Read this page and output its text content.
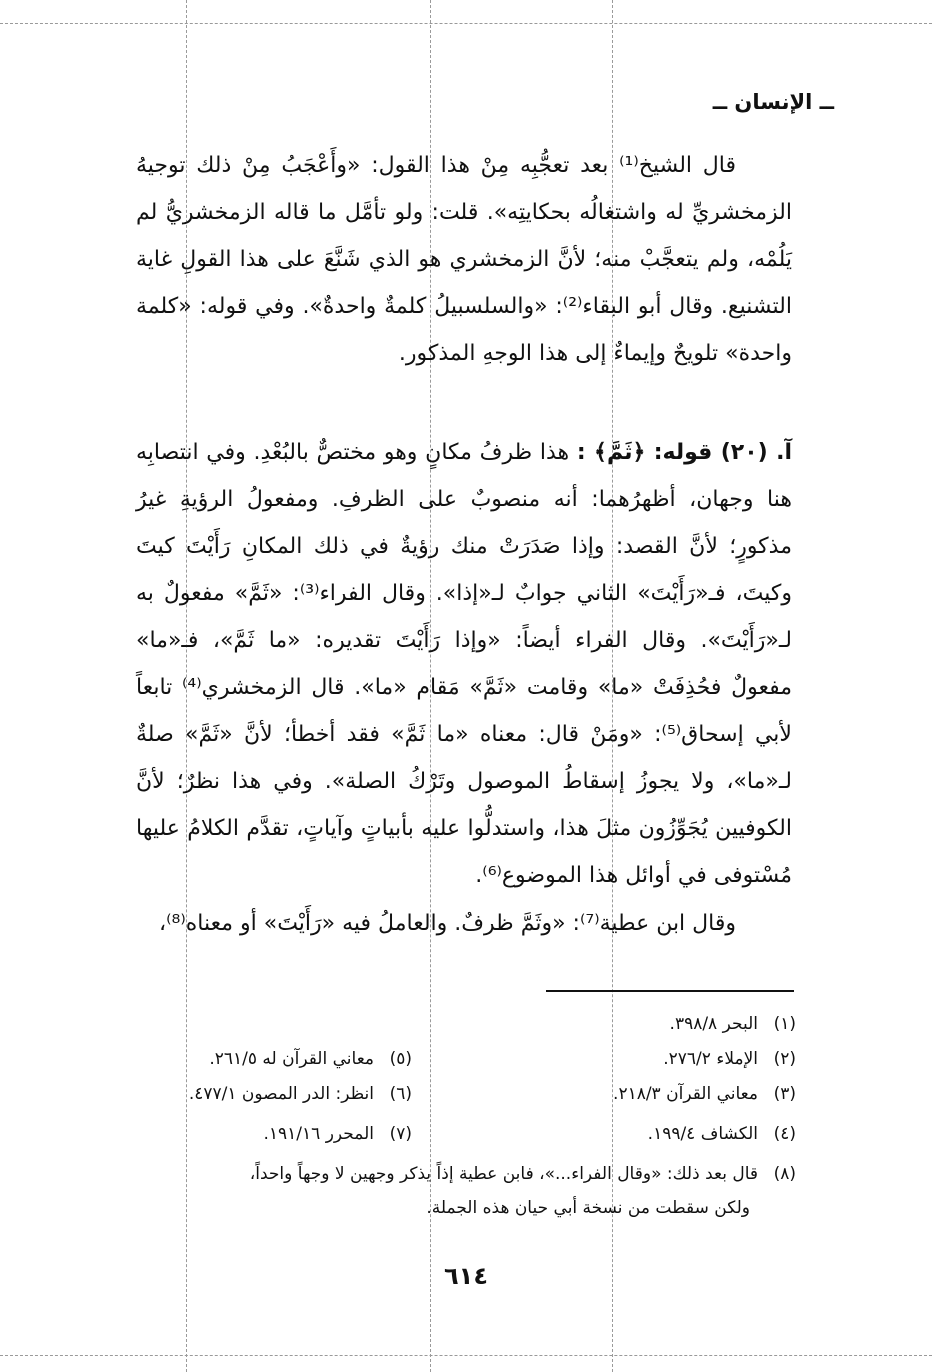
ــ الإنسان ــ
قال الشيخ⁽¹⁾ بعد تعجُّبِه مِنْ هذا القول: «وأَعْجَبُ مِنْ ذلك توجيهُ الزمخشريِّ له واشتغالُه بحكايتِه». قلت: ولو تأمَّل ما قاله الزمخشريُّ لم يَلُمْه، ولم يتعجَّبْ منه؛ لأنَّ الزمخشري هو الذي شَنَّعَ على هذا القولِ غاية التشنيع. وقال أبو البقاء⁽²⁾: «والسلسبيلُ كلمةٌ واحدةٌ». وفي قوله: «كلمة واحدة» تلويحٌ وإيماءٌ إلى هذا الوجهِ المذكور.
آ. (٢٠) قوله: ﴿ثَمَّ﴾ : هذا ظرفُ مكانٍ وهو مختصٌّ بالبُعْدِ. وفي انتصابِه هنا وجهان، أظهرُهما: أنه منصوبٌ على الظرفِ. ومفعولُ الرؤيةِ غيرُ مذكورٍ؛ لأنَّ القصد: وإذا صَدَرَتْ منك رؤيةٌ في ذلك المكانِ رَأَيْتَ كيتَ وكيتَ، فـ«رَأَيْتَ» الثاني جوابٌ لـ«إذا». وقال الفراء⁽³⁾: «ثَمَّ» مفعولٌ به لـ«رَأَيْتَ». وقال الفراء أيضاً: «وإذا رَأَيْتَ تقديره: «ما ثَمَّ»، فـ«ما» مفعولٌ فحُذِفَتْ «ما» وقامت «ثَمَّ» مَقام «ما». قال الزمخشري⁽⁴⁾ تابعاً لأبي إسحاق⁽⁵⁾: «ومَنْ قال: معناه «ما ثَمَّ» فقد أخطأ؛ لأنَّ «ثَمَّ» صلةٌ لـ«ما»، ولا يجوزُ إسقاطُ الموصول وتَرْكُ الصلة». وفي هذا نظرٌ؛ لأنَّ الكوفيين يُجَوِّزُون مثلَ هذا، واستدلُّوا عليه بأبياتٍ وآياتٍ، تقدَّم الكلامُ عليها مُسْتوفى في أوائل هذا الموضوع⁽⁶⁾.
وقال ابن عطية⁽⁷⁾: «وثَمَّ ظرفٌ. والعاملُ فيه «رَأَيْتَ» أو معناه⁽⁸⁾،
(١)البحر ٣٩٨/٨.
(٢)الإملاء ٢٧٦/٢.
(٣)معاني القرآن ٢١٨/٣.
(٤)الكشاف ١٩٩/٤.
(٥)معاني القرآن له ٢٦١/٥.
(٦)انظر: الدر المصون ٤٧٧/١.
(٧)المحرر ١٩١/١٦.
(٨)قال بعد ذلك: «وقال الفراء...»، فابن عطية إذاً يذكر وجهين لا وجهاً واحداً،
ولكن سقطت من نسخة أبي حيان هذه الجملة.
٦١٤
